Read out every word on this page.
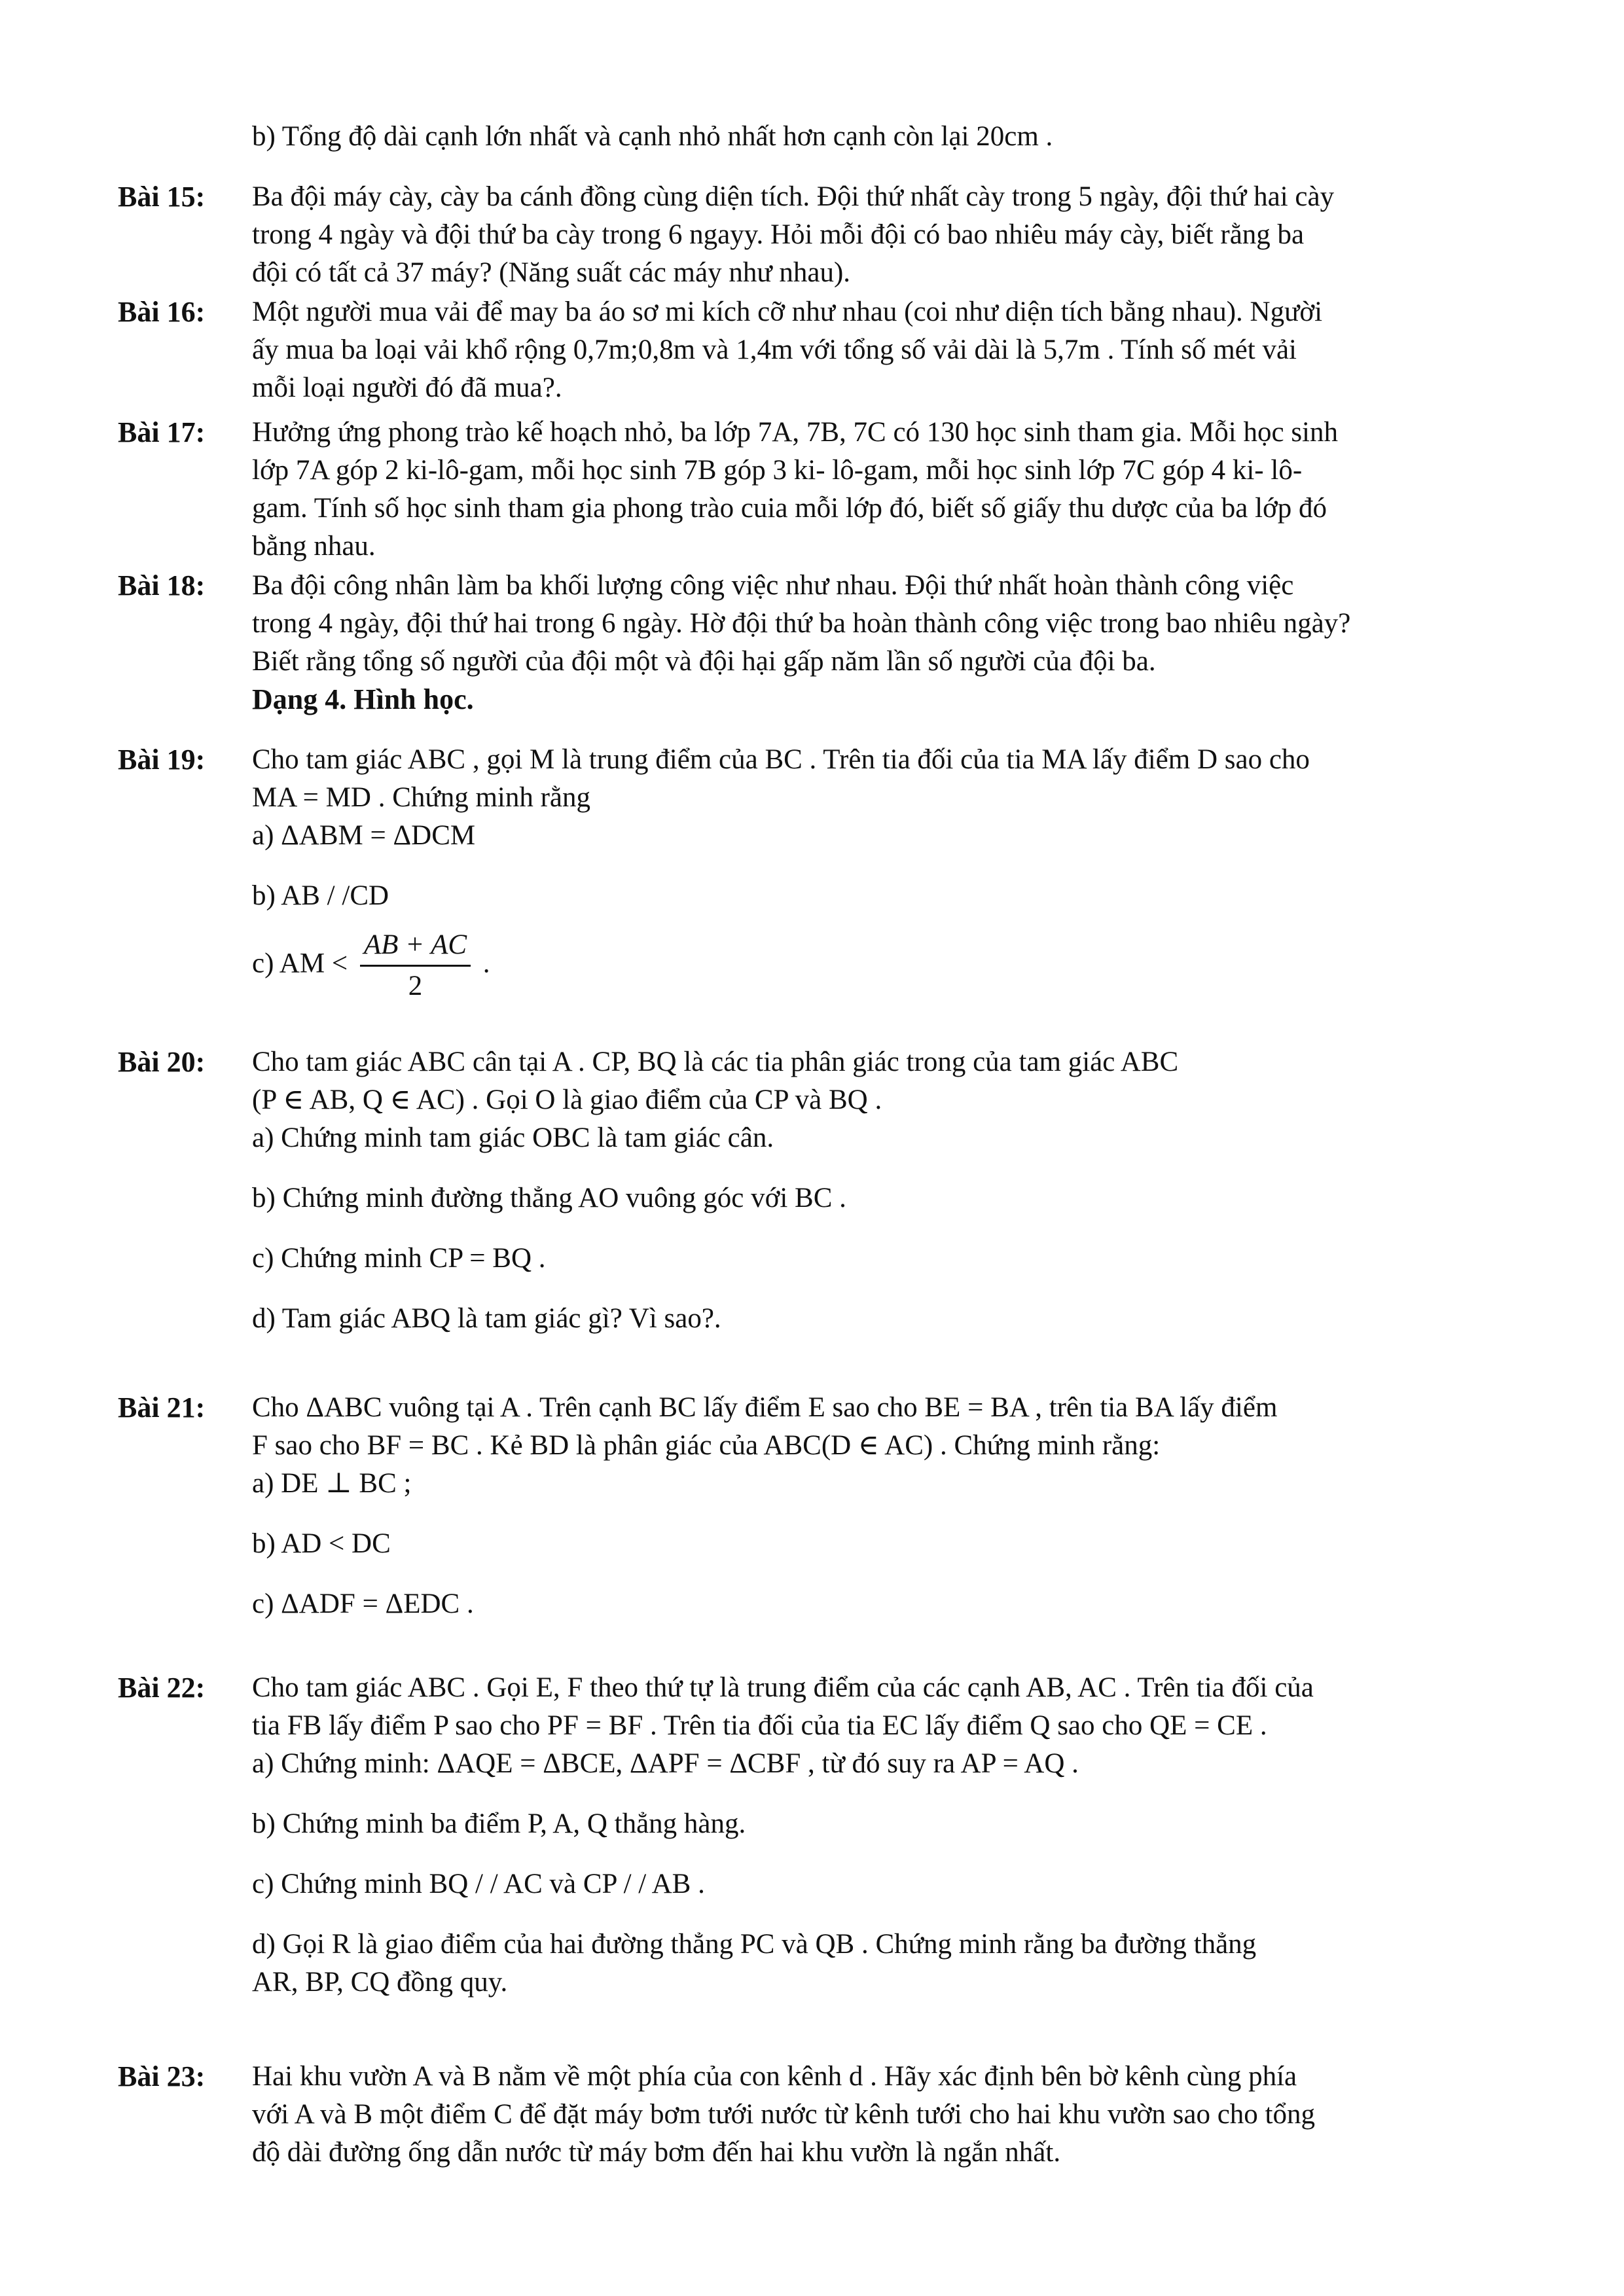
b) Tổng độ dài cạnh lớn nhất và cạnh nhỏ nhất hơn cạnh còn lại 20cm .
Bài 15: Ba đội máy cày, cày ba cánh đồng cùng diện tích. Đội thứ nhất cày trong 5 ngày, đội thứ hai cày
trong 4 ngày và đội thứ ba cày trong 6 ngayy. Hỏi mỗi đội có bao nhiêu máy cày, biết rằng ba
đội có tất cả 37 máy? (Năng suất các máy như nhau).
Bài 16: Một người mua vải để may ba áo sơ mi kích cỡ như nhau (coi như diện tích bằng nhau). Người
ấy mua ba loại vải khổ rộng 0,7m;0,8m và 1,4m với tổng số vải dài là 5,7m . Tính số mét vải
mỗi loại người đó đã mua?.
Bài 17: Hưởng ứng phong trào kế hoạch nhỏ, ba lớp 7A, 7B, 7C có 130 học sinh tham gia. Mỗi học sinh
lớp 7A góp 2 ki-lô-gam, mỗi học sinh 7B góp 3 ki- lô-gam, mỗi học sinh lớp 7C góp 4 ki- lô-
gam. Tính số học sinh tham gia phong trào cuia mỗi lớp đó, biết số giấy thu dược của ba lớp đó
bằng nhau.
Bài 18: Ba đội công nhân làm ba khối lượng công việc như nhau. Đội thứ nhất hoàn thành công việc
trong 4 ngày, đội thứ hai trong 6 ngày. Hờ đội thứ ba hoàn thành công việc trong bao nhiêu ngày?
Biết rằng tổng số người của đội một và đội hại gấp năm lần số người của đội ba.
Dạng 4. Hình học.
Bài 19: Cho tam giác ABC , gọi M là trung điểm của BC . Trên tia đối của tia MA lấy điểm D sao cho
MA = MD . Chứng minh rằng
a) ΔABM = ΔDCM
b) AB / /CD
c) AM < $\frac{AB + AC}{2}$ .
Bài 20: Cho tam giác ABC cân tại A . CP, BQ là các tia phân giác trong của tam giác ABC
(P ∈ AB, Q ∈ AC) . Gọi O là giao điểm của CP và BQ .
a) Chứng minh tam giác OBC là tam giác cân.
b) Chứng minh đường thẳng AO vuông góc với BC .
c) Chứng minh CP = BQ .
d) Tam giác ABQ là tam giác gì? Vì sao?.
Bài 21: Cho ΔABC vuông tại A . Trên cạnh BC lấy điểm E sao cho BE = BA , trên tia BA lấy điểm
F sao cho BF = BC . Kẻ BD là phân giác của ABC(D ∈ AC) . Chứng minh rằng:
a) DE ⊥ BC ;
b) AD < DC
c) ΔADF = ΔEDC .
Bài 22: Cho tam giác ABC . Gọi E, F theo thứ tự là trung điểm của các cạnh AB, AC . Trên tia đối của
tia FB lấy điểm P sao cho PF = BF . Trên tia đối của tia EC lấy điểm Q sao cho QE = CE .
a) Chứng minh: ΔAQE = ΔBCE, ΔAPF = ΔCBF , từ đó suy ra AP = AQ .
b) Chứng minh ba điểm P, A, Q thẳng hàng.
c) Chứng minh BQ / / AC và CP / / AB .
d) Gọi R là giao điểm của hai đường thẳng PC và QB . Chứng minh rằng ba đường thẳng
AR, BP, CQ đồng quy.
Bài 23: Hai khu vườn A và B nằm về một phía của con kênh d . Hãy xác định bên bờ kênh cùng phía
với A và B một điểm C để đặt máy bơm tưới nước từ kênh tưới cho hai khu vườn sao cho tổng
độ dài đường ống dẫn nước từ máy bơm đến hai khu vườn là ngắn nhất.
